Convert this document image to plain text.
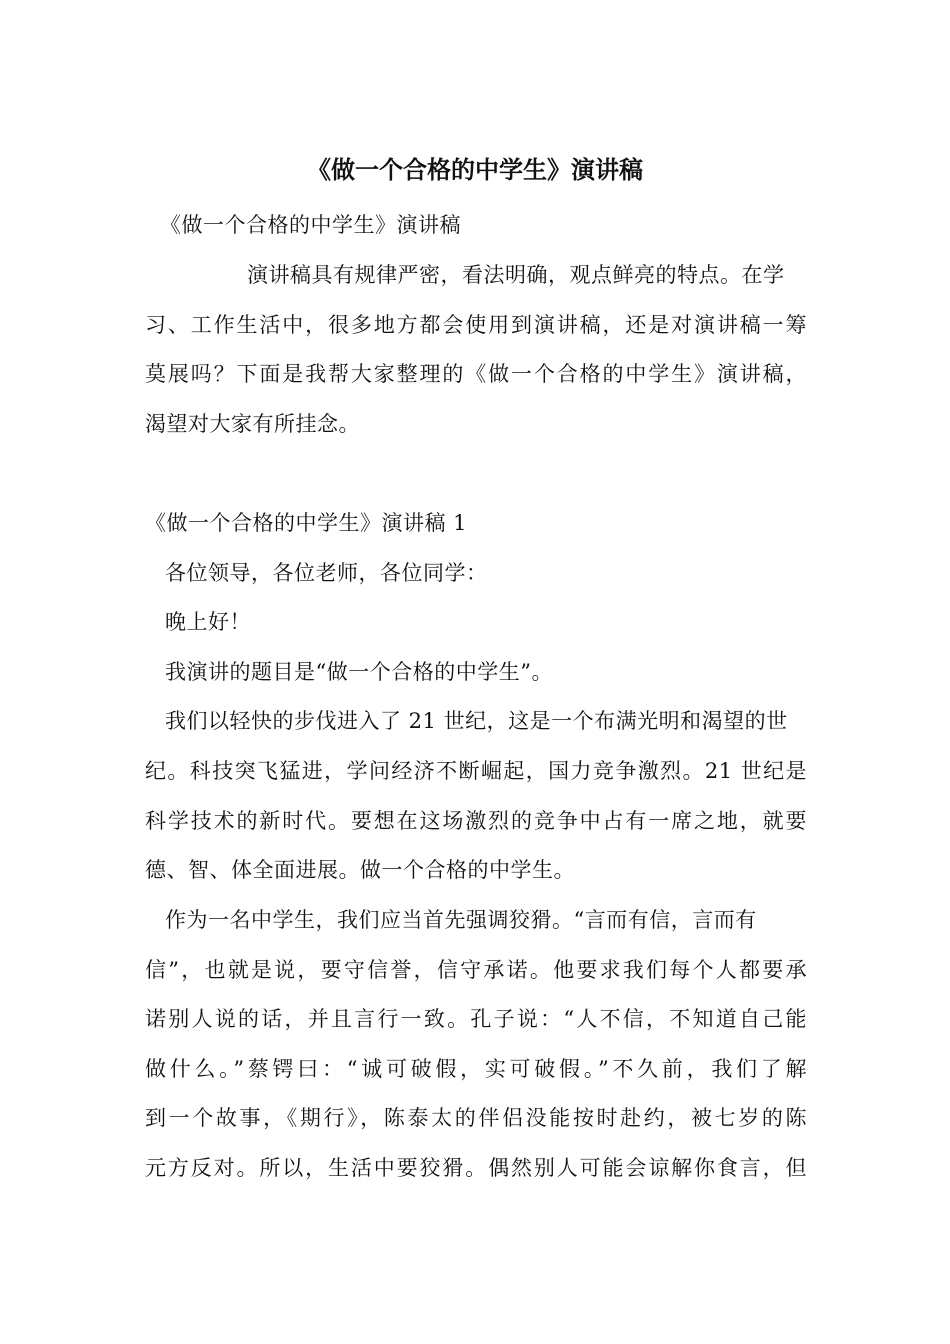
《做一个合格的中学生》演讲稿
《做一个合格的中学生》演讲稿
演讲稿具有规律严密，看法明确，观点鲜亮的特点。在学
习、工作生活中，很多地方都会使用到演讲稿，还是对演讲稿一筹
莫展吗？下面是我帮大家整理的《做一个合格的中学生》演讲稿，
渴望对大家有所挂念。
《做一个合格的中学生》演讲稿 1
各位领导，各位老师，各位同学：
晚上好！
我演讲的题目是“做一个合格的中学生”。
我们以轻快的步伐进入了 21 世纪，这是一个布满光明和渴望的世
纪。科技突飞猛进，学问经济不断崛起，国力竞争激烈。21 世纪是
科学技术的新时代。要想在这场激烈的竞争中占有一席之地，就要
德、智、体全面进展。做一个合格的中学生。
作为一名中学生，我们应当首先强调狡猾。“言而有信，言而有
信”，也就是说，要守信誉，信守承诺。他要求我们每个人都要承
诺别人说的话，并且言行一致。孔子说：“人不信，不知道自己能
做什么。”蔡锷曰：“诚可破假，实可破假。”不久前，我们了解
到一个故事，《期行》，陈泰太的伴侣没能按时赴约，被七岁的陈
元方反对。所以，生活中要狡猾。偶然别人可能会谅解你食言，但
